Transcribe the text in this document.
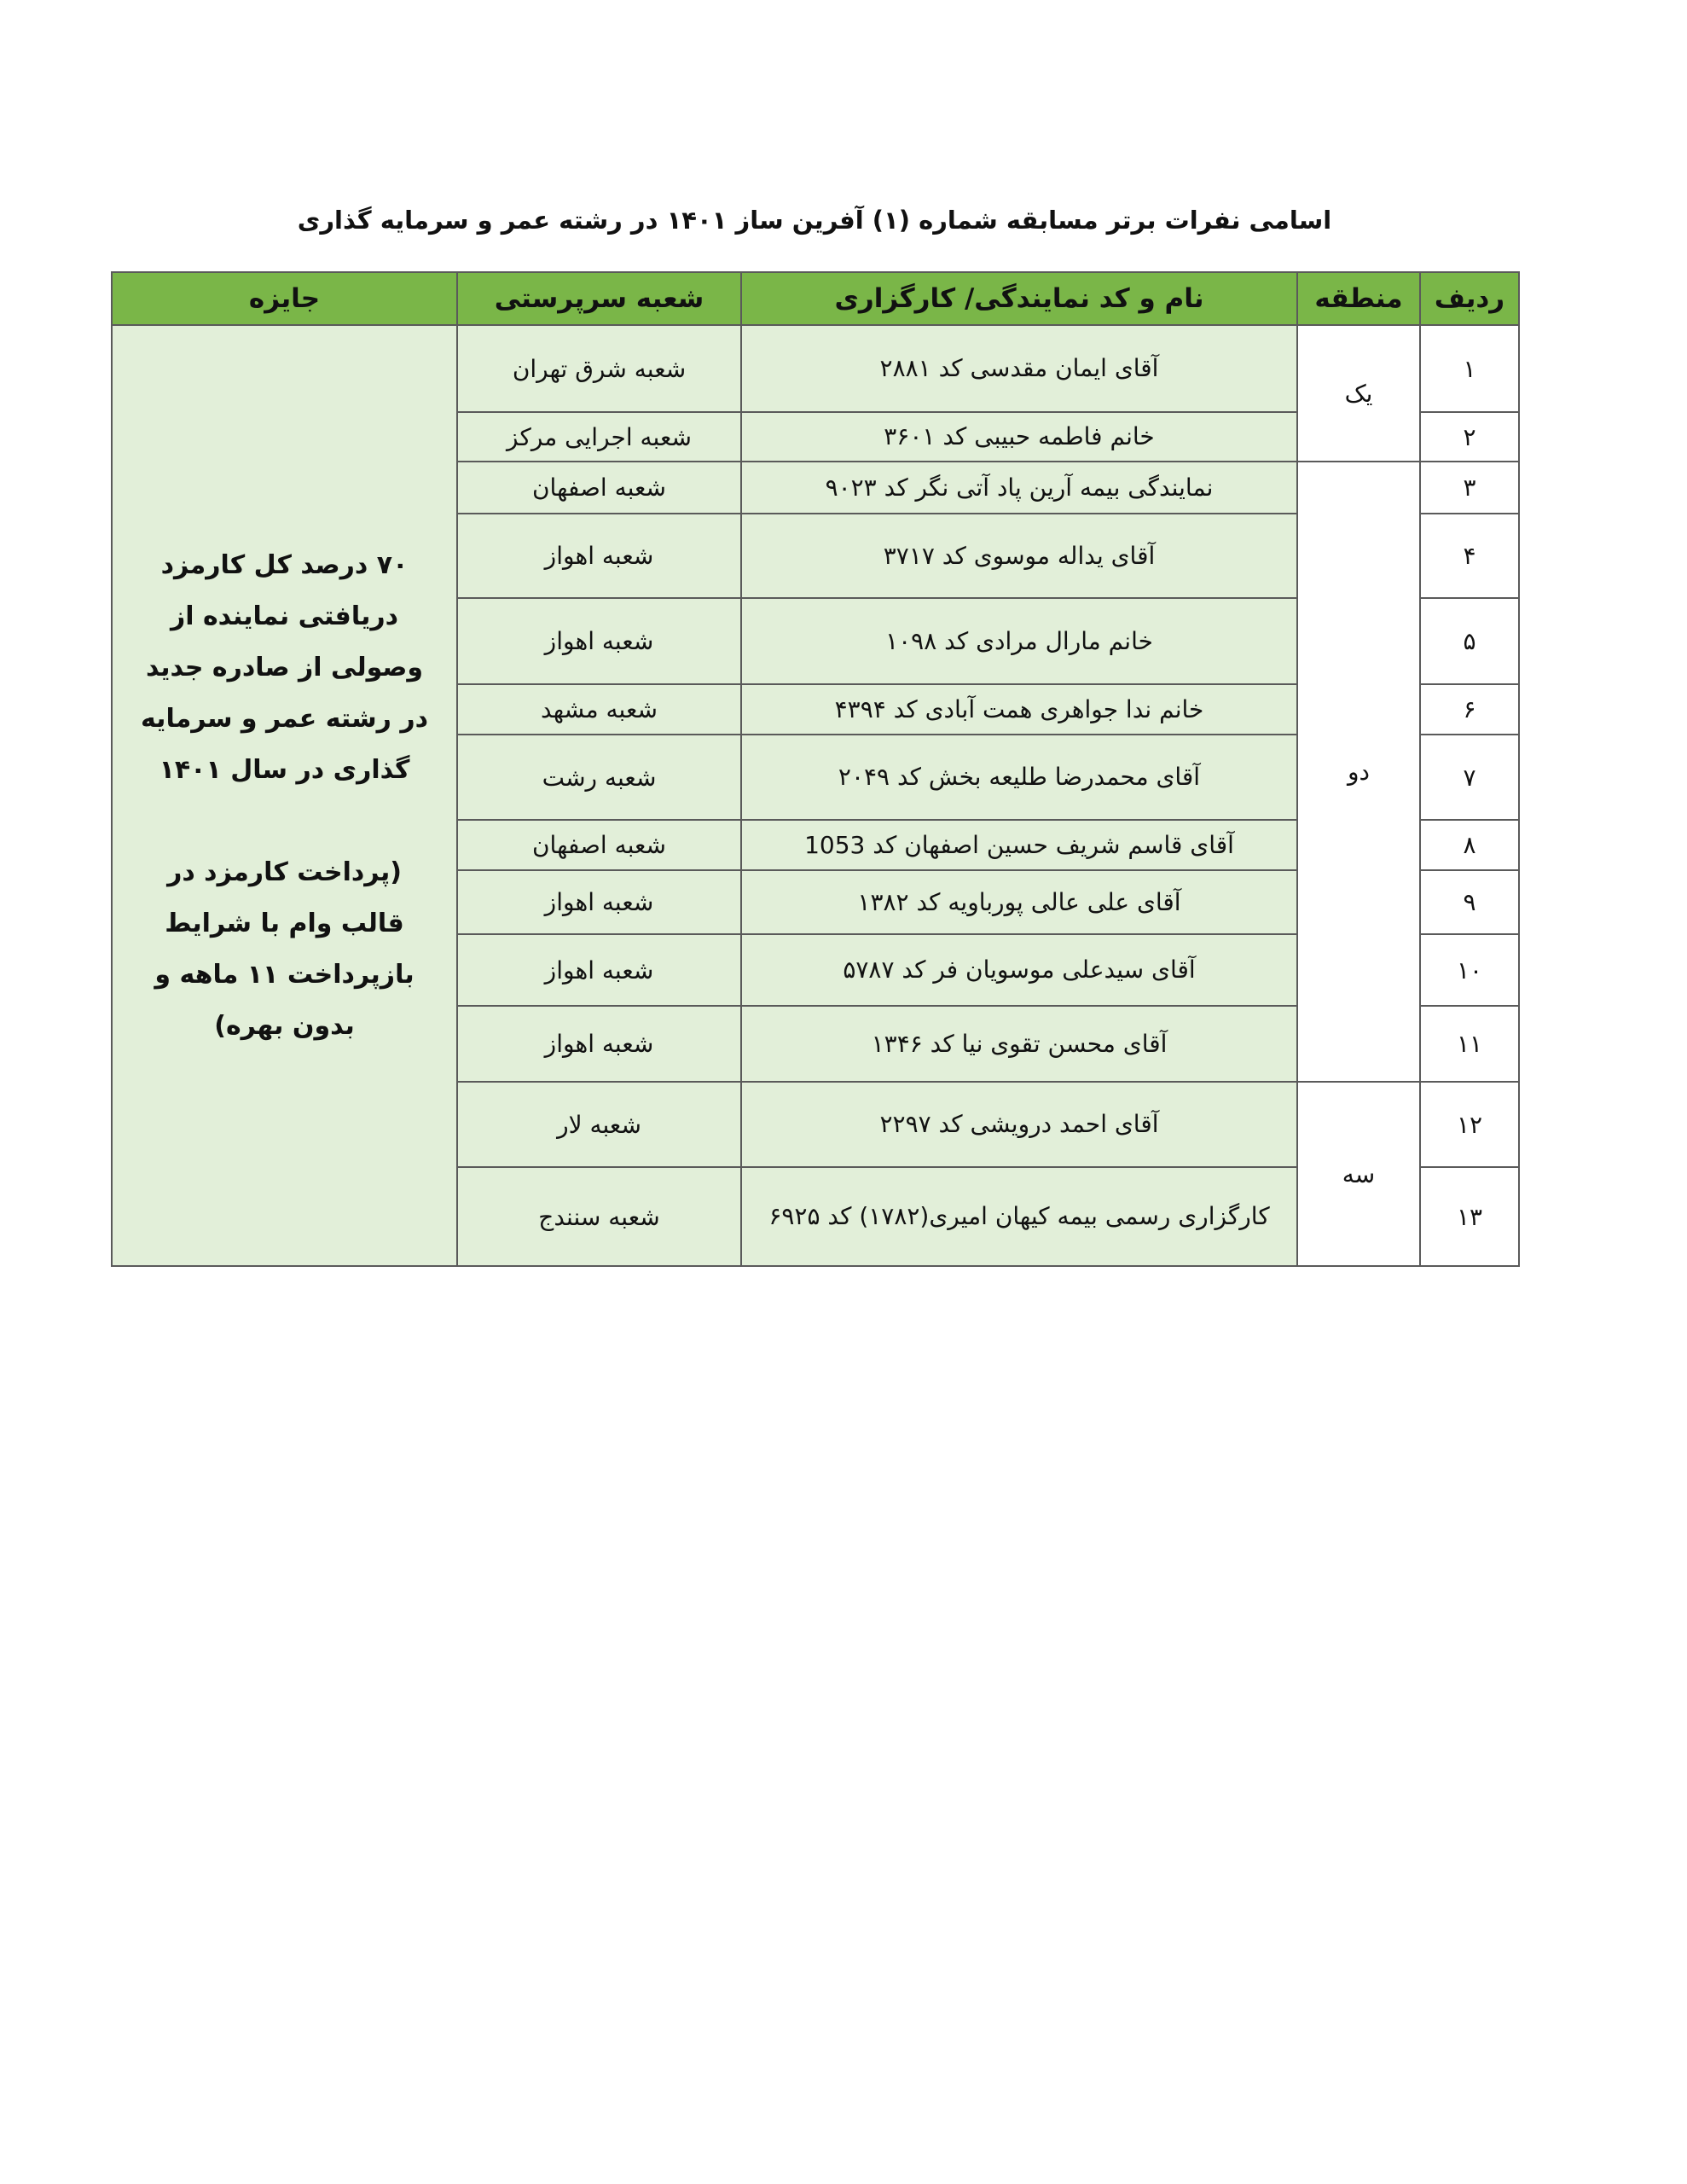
اسامی نفرات برتر مسابقه شماره (۱) آفرین ساز ۱۴۰۱ در رشته عمر و سرمایه گذاری
ردیف	منطقه	نام و کد نمایندگی/ کارگزاری	شعبه سرپرستی	جایزه
۱	یک	آقای ایمان مقدسی کد ۲۸۸۱	شعبه شرق تهران	۷۰ درصد کل کارمزد دریافتی نماینده از وصولی از صادره جدید در رشته عمر و سرمایه گذاری در سال ۱۴۰۱

(پرداخت کارمزد در قالب وام با شرایط بازپرداخت ۱۱ ماهه و بدون بهره)

۲		خانم فاطمه حبیبی کد ۳۶۰۱	شعبه اجرایی مرکز	
۳	دو	نمایندگی بیمه آرین پاد آتی نگر کد ۹۰۲۳	شعبه اصفهان	
۴		آقای یداله موسوی کد ۳۷۱۷	شعبه اهواز	
۵		خانم مارال مرادی کد ۱۰۹۸	شعبه اهواز	
۶		خانم ندا جواهری همت آبادی کد ۴۳۹۴	شعبه مشهد	
۷		آقای محمدرضا طلیعه بخش کد ۲۰۴۹	شعبه رشت	
۸		آقای قاسم شریف حسین اصفهان کد 1053	شعبه اصفهان	
۹		آقای علی عالی پورباویه کد ۱۳۸۲	شعبه اهواز	
۱۰		آقای سیدعلی موسویان فر کد ۵۷۸۷	شعبه اهواز	
۱۱		آقای محسن تقوی نیا کد ۱۳۴۶	شعبه اهواز	
۱۲	سه	آقای احمد درویشی کد ۲۲۹۷	شعبه لار	
۱۳		کارگزاری رسمی بیمه کیهان امیری(۱۷۸۲) کد ۶۹۲۵	شعبه سنندج	
